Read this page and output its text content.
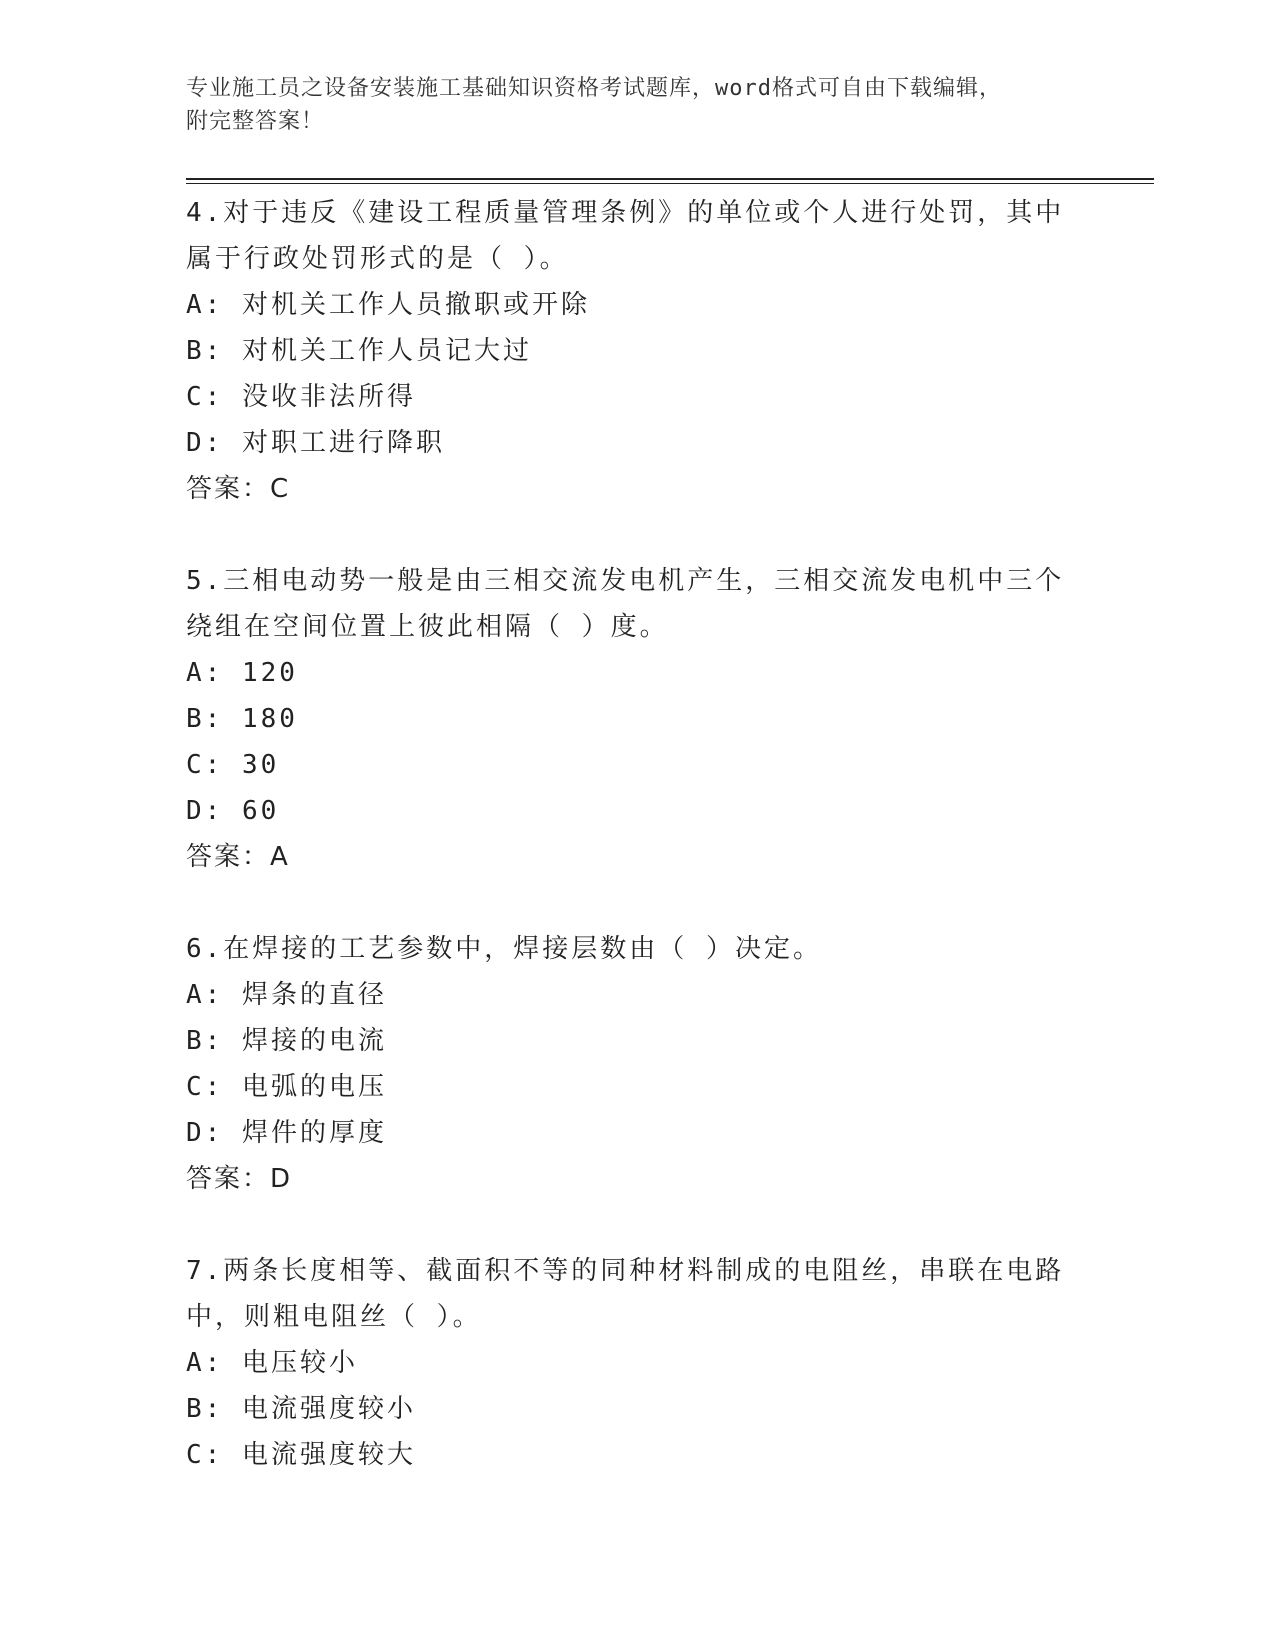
专业施工员之设备安装施工基础知识资格考试题库，word格式可自由下载编辑，
附完整答案！

4.对于违反《建设工程质量管理条例》的单位或个人进行处罚，其中属于行政处罚形式的是（ ）。

A: 对机关工作人员撤职或开除

B: 对机关工作人员记大过

C: 没收非法所得

D: 对职工进行降职

答案：C

5.三相电动势一般是由三相交流发电机产生，三相交流发电机中三个绕组在空间位置上彼此相隔（ ）度。

A: 120

B: 180

C: 30

D: 60

答案：A

6.在焊接的工艺参数中，焊接层数由（ ）决定。

A: 焊条的直径

B: 焊接的电流

C: 电弧的电压

D: 焊件的厚度

答案：D

7.两条长度相等、截面积不等的同种材料制成的电阻丝，串联在电路中，则粗电阻丝（ ）。

A: 电压较小

B: 电流强度较小

C: 电流强度较大
